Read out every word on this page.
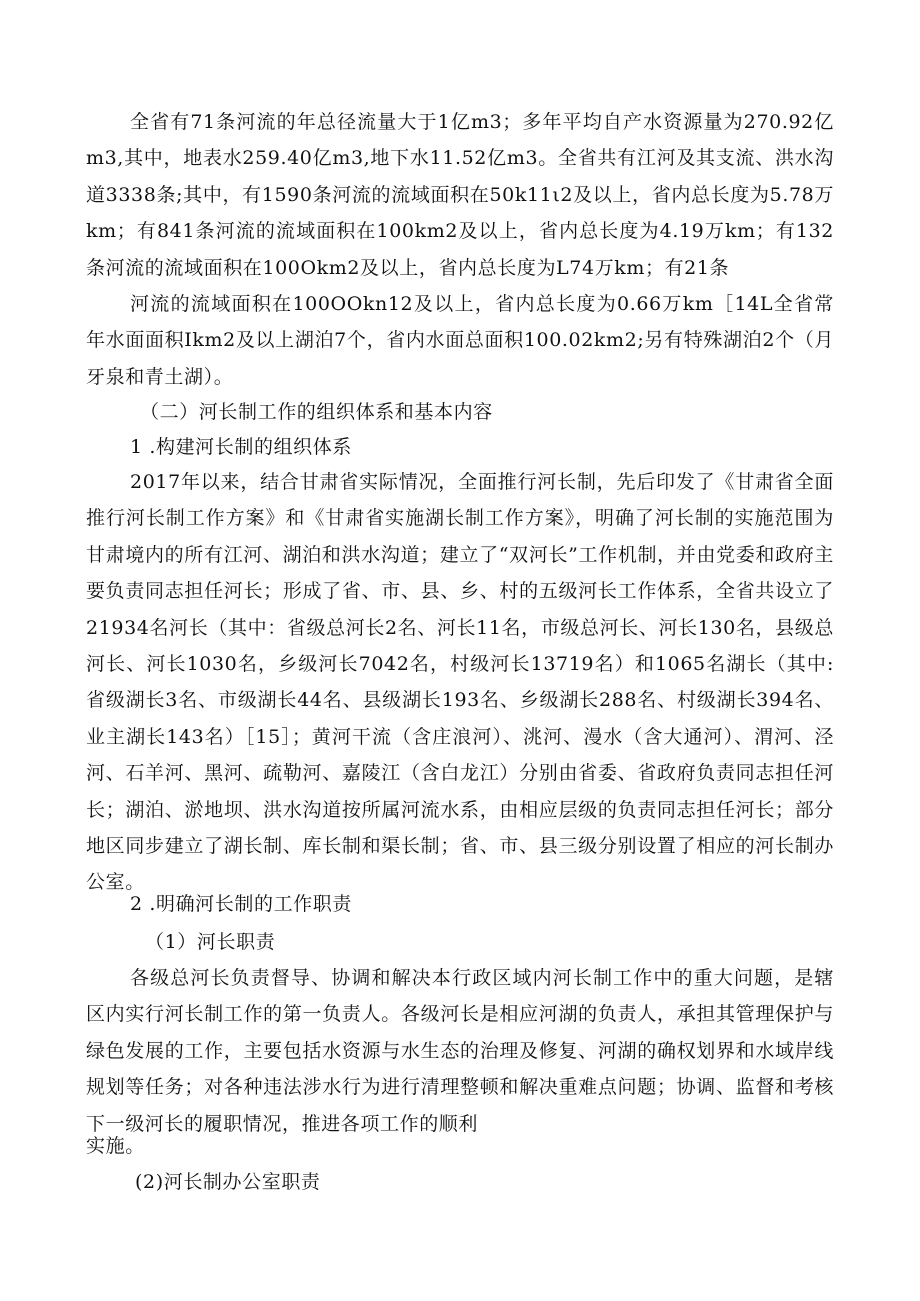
全省有71条河流的年总径流量大于1亿m3；多年平均自产水资源量为270.92亿m3,其中，地表水259.40亿m3,地下水11.52亿m3。全省共有江河及其支流、洪水沟道3338条;其中，有1590条河流的流域面积在50k11ι2及以上，省内总长度为5.78万km；有841条河流的流域面积在100km2及以上，省内总长度为4.19万km；有132条河流的流域面积在100Okm2及以上，省内总长度为L74万km；有21条

河流的流域面积在100OOkn12及以上，省内总长度为0.66万km［14L全省常年水面面积Ikm2及以上湖泊7个，省内水面总面积100.02km2;另有特殊湖泊2个（月牙泉和青土湖）。

（二）河长制工作的组织体系和基本内容

1 .构建河长制的组织体系

2017年以来，结合甘肃省实际情况，全面推行河长制，先后印发了《甘肃省全面推行河长制工作方案》和《甘肃省实施湖长制工作方案》，明确了河长制的实施范围为甘肃境内的所有江河、湖泊和洪水沟道；建立了“双河长”工作机制，并由党委和政府主要负责同志担任河长；形成了省、市、县、乡、村的五级河长工作体系，全省共设立了21934名河长（其中：省级总河长2名、河长11名，市级总河长、河长130名，县级总河长、河长1030名，乡级河长7042名，村级河长13719名）和1065名湖长（其中:省级湖长3名、市级湖长44名、县级湖长193名、乡级湖长288名、村级湖长394名、业主湖长143名）［15］；黄河干流（含庄浪河）、洮河、漫水（含大通河）、渭河、泾河、石羊河、黑河、疏勒河、嘉陵江（含白龙江）分别由省委、省政府负责同志担任河长；湖泊、淤地坝、洪水沟道按所属河流水系，由相应层级的负责同志担任河长；部分地区同步建立了湖长制、库长制和渠长制；省、市、县三级分别设置了相应的河长制办公室。

2 .明确河长制的工作职责

（1）河长职责

各级总河长负责督导、协调和解决本行政区域内河长制工作中的重大问题，是辖区内实行河长制工作的第一负责人。各级河长是相应河湖的负责人，承担其管理保护与绿色发展的工作，主要包括水资源与水生态的治理及修复、河湖的确权划界和水域岸线规划等任务；对各种违法涉水行为进行清理整顿和解决重难点问题；协调、监督和考核下一级河长的履职情况，推进各项工作的顺利

实施。

(2)河长制办公室职责
